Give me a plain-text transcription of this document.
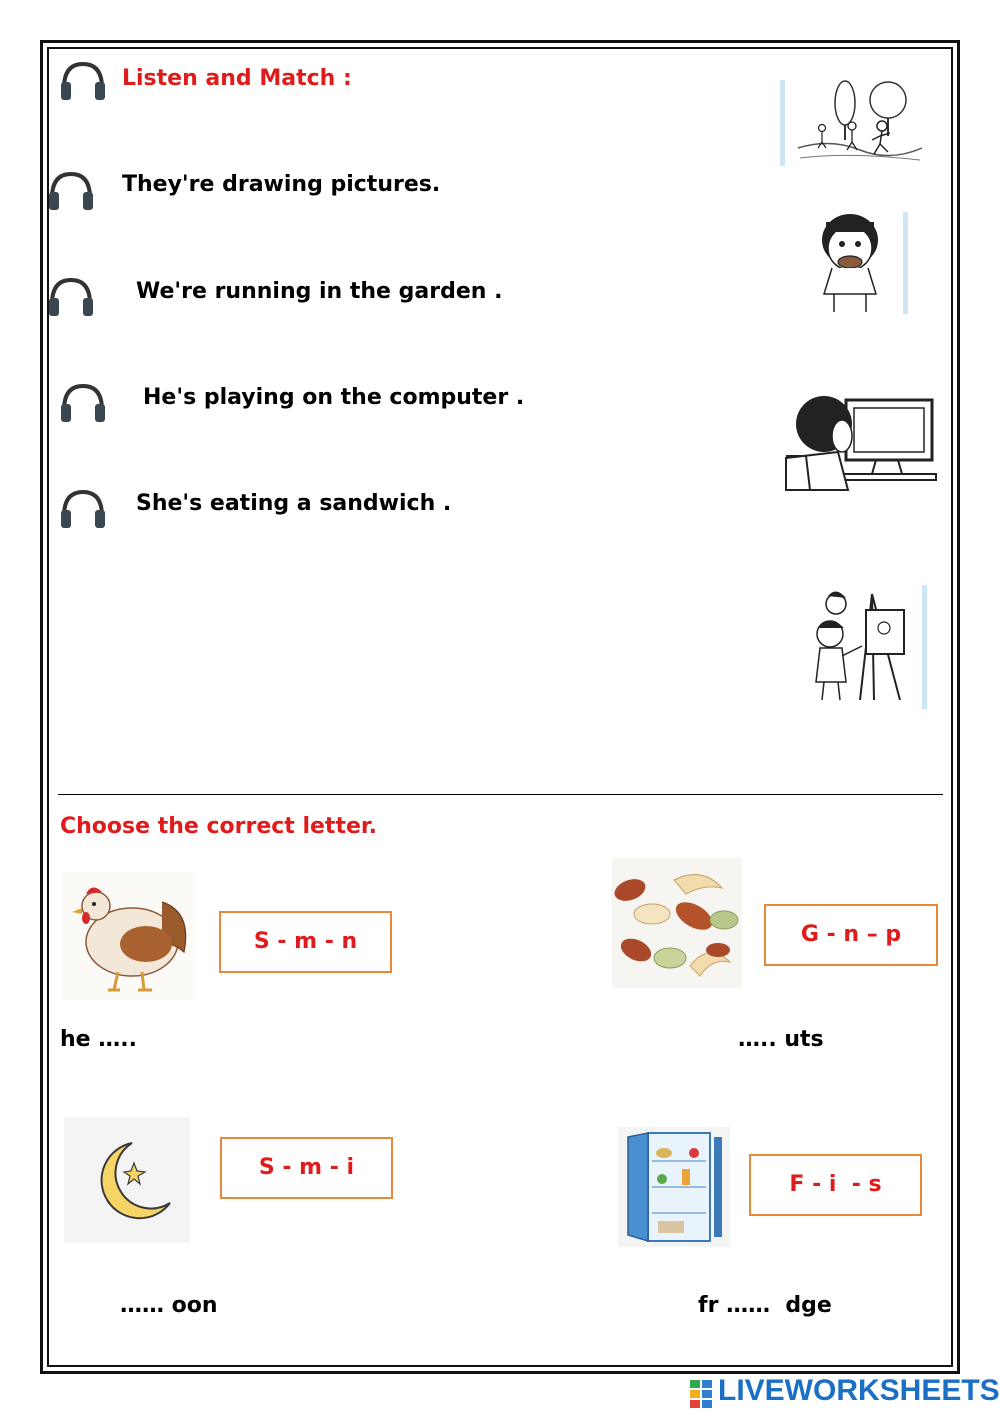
Listen and Match :
They're drawing pictures.
We're running in the garden .
He's playing on the computer .
She's eating a sandwich .
Choose the correct letter.
S - m - n
he …..
G - n – p
….. uts
S - m - i
…… oon
F - i  - s
fr ……  dge
LIVEWORKSHEETS
